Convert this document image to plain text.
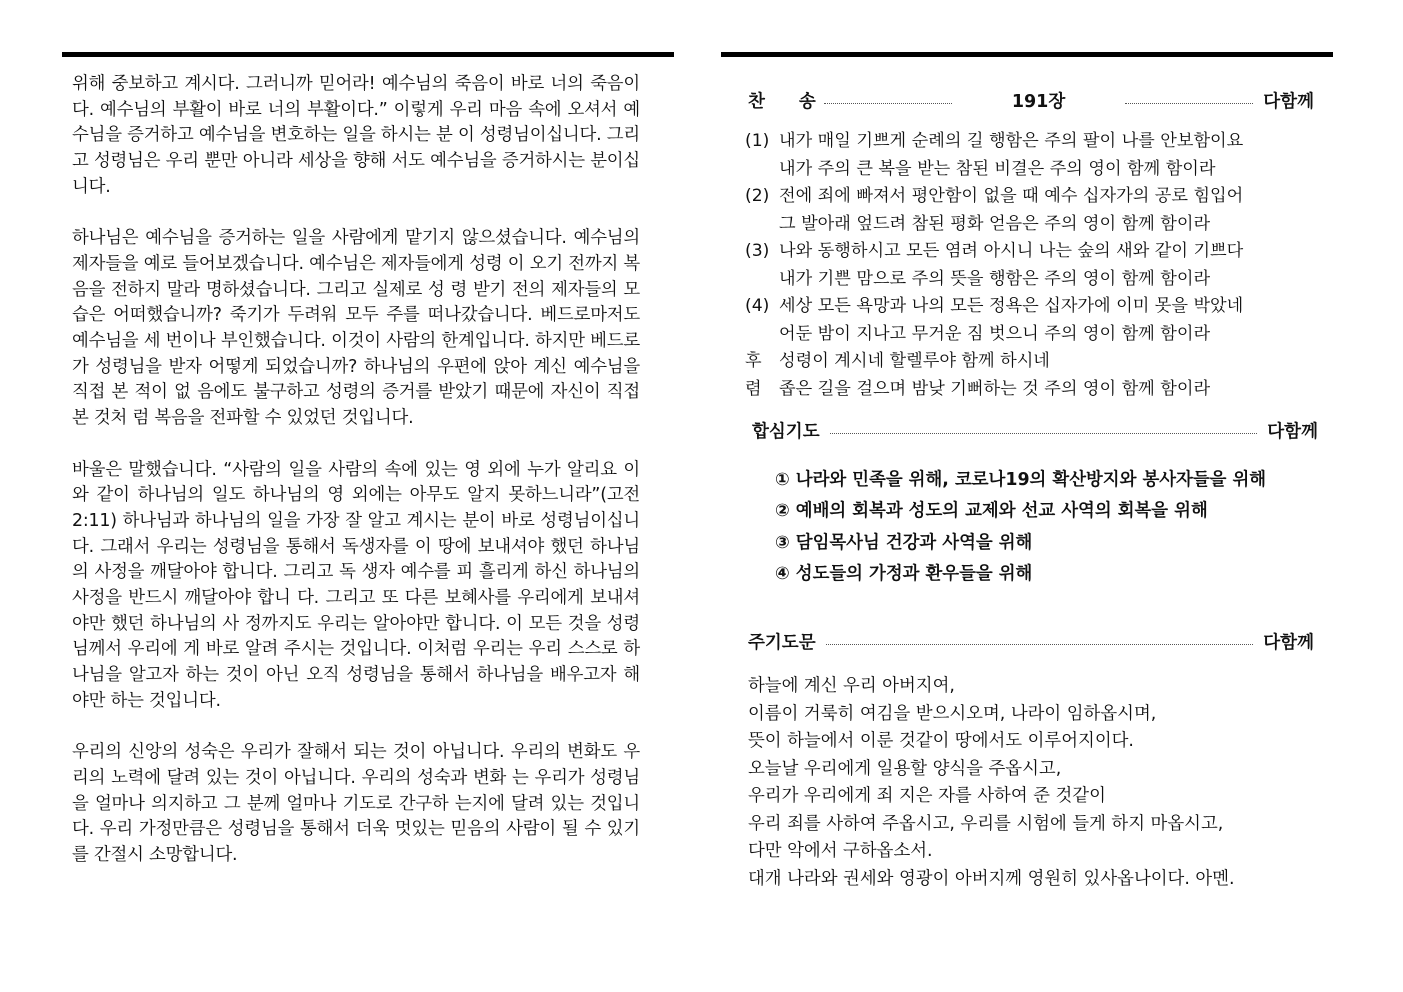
위해 중보하고 계시다. 그러니까 믿어라! 예수님의 죽음이 바로 너의 죽음이다. 예수님의 부활이 바로 너의 부활이다.” 이렇게 우리 마음 속에 오셔서 예수님을 증거하고 예수님을 변호하는 일을 하시는 분 이 성령님이십니다. 그리고 성령님은 우리 뿐만 아니라 세상을 향해 서도 예수님을 증거하시는 분이십니다.

하나님은 예수님을 증거하는 일을 사람에게 맡기지 않으셨습니다. 예수님의 제자들을 예로 들어보겠습니다. 예수님은 제자들에게 성령 이 오기 전까지 복음을 전하지 말라 명하셨습니다. 그리고 실제로 성 령 받기 전의 제자들의 모습은 어떠했습니까? 죽기가 두려워 모두 주를 떠나갔습니다. 베드로마저도 예수님을 세 번이나 부인했습니다. 이것이 사람의 한계입니다. 하지만 베드로가 성령님을 받자 어떻게 되었습니까? 하나님의 우편에 앉아 계신 예수님을 직접 본 적이 없 음에도 불구하고 성령의 증거를 받았기 때문에 자신이 직접 본 것처 럼 복음을 전파할 수 있었던 것입니다.

바울은 말했습니다. “사람의 일을 사람의 속에 있는 영 외에 누가 알리요 이와 같이 하나님의 일도 하나님의 영 외에는 아무도 알지 못하느니라”(고전2:11) 하나님과 하나님의 일을 가장 잘 알고 계시는 분이 바로 성령님이십니다. 그래서 우리는 성령님을 통해서 독생자를 이 땅에 보내셔야 했던 하나님의 사정을 깨달아야 합니다. 그리고 독 생자 예수를 피 흘리게 하신 하나님의 사정을 반드시 깨달아야 합니 다. 그리고 또 다른 보혜사를 우리에게 보내셔야만 했던 하나님의 사 정까지도 우리는 알아야만 합니다. 이 모든 것을 성령님께서 우리에 게 바로 알려 주시는 것입니다. 이처럼 우리는 우리 스스로 하나님을 알고자 하는 것이 아닌 오직 성령님을 통해서 하나님을 배우고자 해 야만 하는 것입니다.

우리의 신앙의 성숙은 우리가 잘해서 되는 것이 아닙니다. 우리의 변화도 우리의 노력에 달려 있는 것이 아닙니다. 우리의 성숙과 변화 는 우리가 성령님을 얼마나 의지하고 그 분께 얼마나 기도로 간구하 는지에 달려 있는 것입니다. 우리 가정만큼은 성령님을 통해서 더욱 멋있는 믿음의 사람이 될 수 있기를 간절시 소망합니다.

찬 송	191장	다함께
(1) 내가 매일 기쁘게 순례의 길 행함은 주의 팔이 나를 안보함이요
내가 주의 큰 복을 받는 참된 비결은 주의 영이 함께 함이라
(2) 전에 죄에 빠져서 평안함이 없을 때 예수 십자가의 공로 힘입어
그 발아래 엎드려 참된 평화 얻음은 주의 영이 함께 함이라
(3) 나와 동행하시고 모든 염려 아시니 나는 숲의 새와 같이 기쁘다
내가 기쁜 맘으로 주의 뜻을 행함은 주의 영이 함께 함이라
(4) 세상 모든 욕망과 나의 모든 정욕은 십자가에 이미 못을 박았네
어둔 밤이 지나고 무거운 짐 벗으니 주의 영이 함께 함이라
후
렴
성령이 계시네 할렐루야 함께 하시네
좁은 길을 걸으며 밤낮 기뻐하는 것 주의 영이 함께 함이라
합심기도	다함께
① 나라와 민족을 위해, 코로나19의 확산방지와 봉사자들을 위해
② 예배의 회복과 성도의 교제와 선교 사역의 회복을 위해
③ 담임목사님 건강과 사역을 위해
④ 성도들의 가정과 환우들을 위해
주기도문	다함께
하늘에 계신 우리 아버지여,
이름이 거룩히 여김을 받으시오며, 나라이 임하옵시며,
뜻이 하늘에서 이룬 것같이 땅에서도 이루어지이다.
오늘날 우리에게 일용할 양식을 주옵시고,
우리가 우리에게 죄 지은 자를 사하여 준 것같이
우리 죄를 사하여 주옵시고, 우리를 시험에 들게 하지 마옵시고,
다만 악에서 구하옵소서.
대개 나라와 권세와 영광이 아버지께 영원히 있사옵나이다. 아멘.
